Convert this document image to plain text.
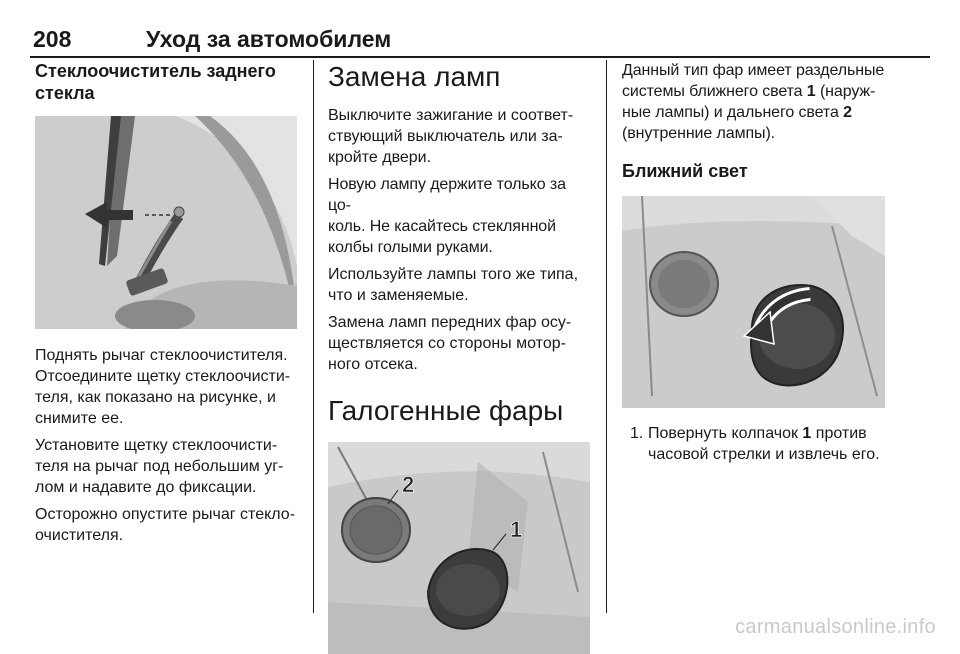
208	Уход за автомобилем
Стеклоочиститель заднего
стекла

Поднять рычаг стеклоочистителя.
Отсоедините щетку стеклоочисти-
теля, как показано на рисунке, и
снимите ее.

Установите щетку стеклоочисти-
теля на рычаг под небольшим уг-
лом и надавите до фиксации.

Осторожно опустите рычаг стекло-
очистителя.

Замена ламп

Выключите зажигание и соответ-
ствующий выключатель или за-
кройте двери.

Новую лампу держите только за цо-
коль. Не касайтесь стеклянной
колбы голыми руками.

Используйте лампы того же типа,
что и заменяемые.

Замена ламп передних фар осу-
ществляется со стороны мотор-
ного отсека.

Галогенные фары
2
1

Данный тип фар имеет раздельные
системы ближнего света 1 (наруж-
ные лампы) и дальнего света 2
(внутренние лампы).

Ближний свет
1. Повернуть колпачок 1 против
часовой стрелки и извлечь его.
carmanualsonline.info
